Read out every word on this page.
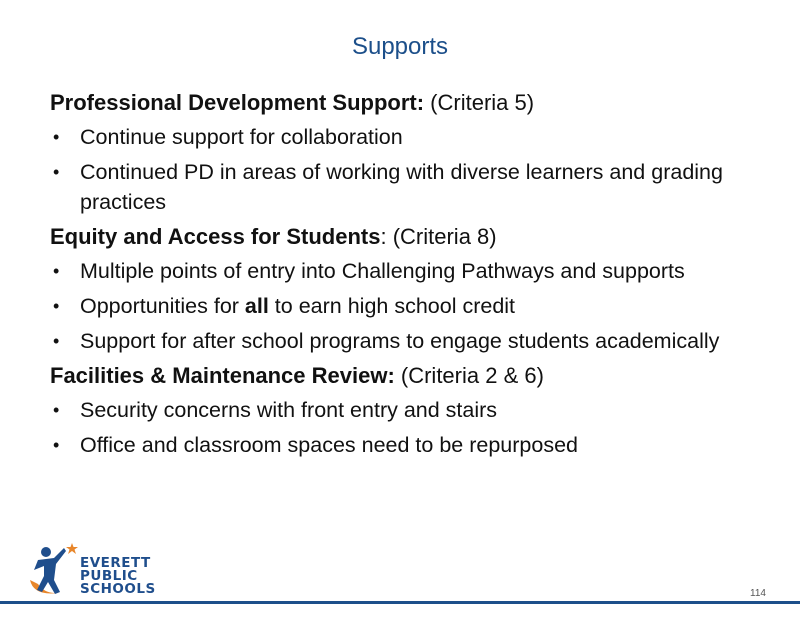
Supports
Professional Development Support: (Criteria 5)
• Continue support for collaboration
• Continued PD in areas of working with diverse learners and grading practices
Equity and Access for Students: (Criteria 8)
• Multiple points of entry into Challenging Pathways and supports
• Opportunities for all to earn high school credit
• Support for after school programs to engage students academically
Facilities & Maintenance Review: (Criteria 2 & 6)
• Security concerns with front entry and stairs
• Office and classroom spaces need to be repurposed
EVERETT
PUBLIC
SCHOOLS	114
